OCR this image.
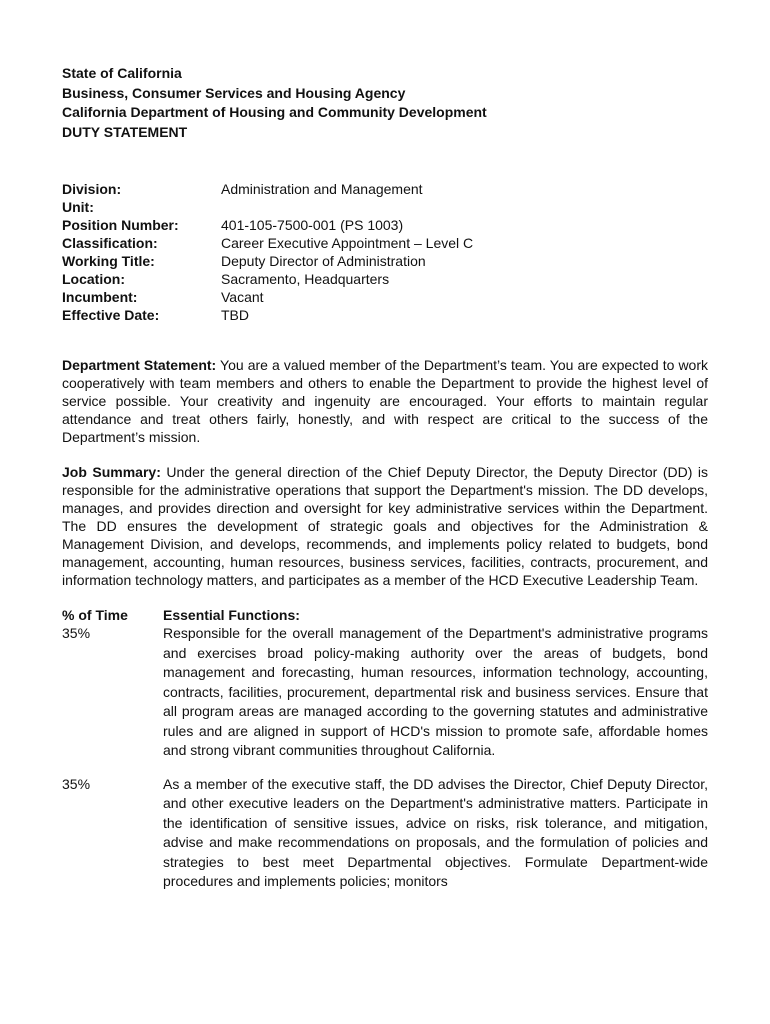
State of California
Business, Consumer Services and Housing Agency
California Department of Housing and Community Development
DUTY STATEMENT
Division:	Administration and Management
Unit:
Position Number:	401-105-7500-001 (PS 1003)
Classification:	Career Executive Appointment – Level C
Working Title:	Deputy Director of Administration
Location:	Sacramento, Headquarters
Incumbent:	Vacant
Effective Date:	TBD

Department Statement: You are a valued member of the Department’s team. You are expected to work cooperatively with team members and others to enable the Department to provide the highest level of service possible. Your creativity and ingenuity are encouraged. Your efforts to maintain regular attendance and treat others fairly, honestly, and with respect are critical to the success of the Department’s mission.

Job Summary: Under the general direction of the Chief Deputy Director, the Deputy Director (DD) is responsible for the administrative operations that support the Department's mission. The DD develops, manages, and provides direction and oversight for key administrative services within the Department. The DD ensures the development of strategic goals and objectives for the Administration & Management Division, and develops, recommends, and implements policy related to budgets, bond management, accounting, human resources, business services, facilities, contracts, procurement, and information technology matters, and participates as a member of the HCD Executive Leadership Team.

% of Time	Essential Functions:
35%	Responsible for the overall management of the Department's administrative programs and exercises broad policy-making authority over the areas of budgets, bond management and forecasting, human resources, information technology, accounting, contracts, facilities, procurement, departmental risk and business services. Ensure that all program areas are managed according to the governing statutes and administrative rules and are aligned in support of HCD's mission to promote safe, affordable homes and strong vibrant communities throughout California.
35%	As a member of the executive staff, the DD advises the Director, Chief Deputy Director, and other executive leaders on the Department's administrative matters. Participate in the identification of sensitive issues, advice on risks, risk tolerance, and mitigation, advise and make recommendations on proposals, and the formulation of policies and strategies to best meet Departmental objectives. Formulate Department-wide procedures and implements policies; monitors
